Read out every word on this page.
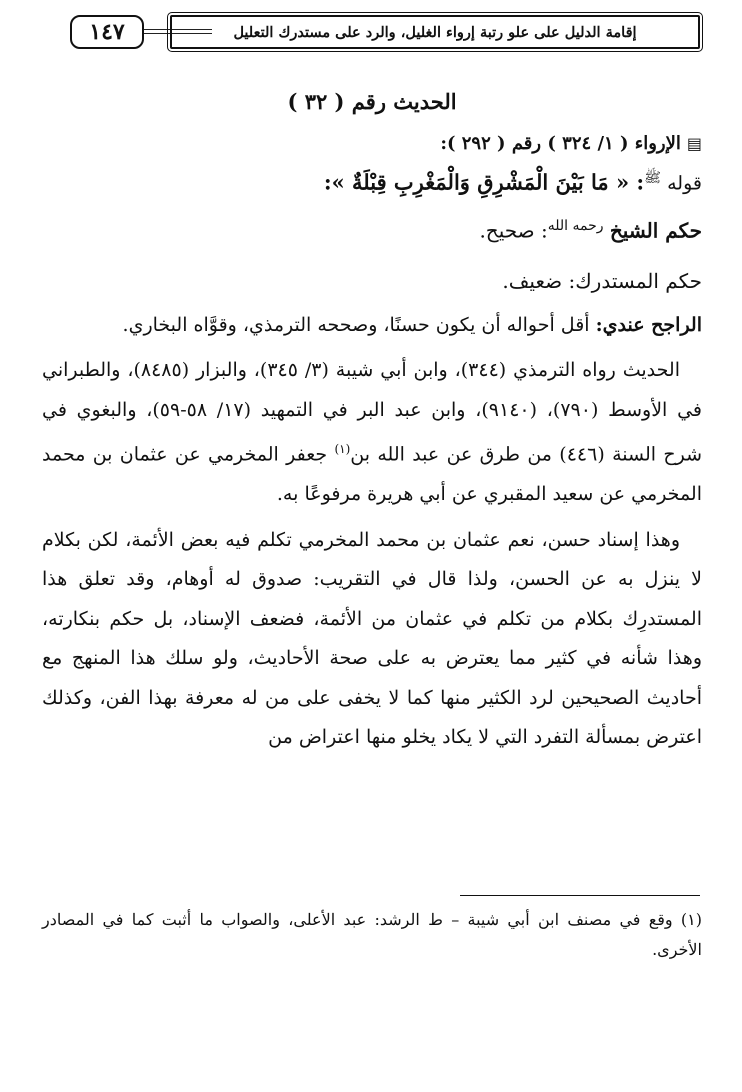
١٤٧	إقامة الدليل على علو رتبة إرواء الغليل، والرد على مستدرك التعليل
الحديث رقم ( ٣٢ )

▤الإرواء ( ١/ ٣٢٤ ) رقم ( ٢٩٢ ):

قوله $^ﷺ$: « مَا بَيْنَ الْمَشْرِقِ وَالْمَغْرِبِ قِبْلَةٌ »:

حكم الشيخ $^{رحمه الله}$: صحيح.

حكم المستدرك: ضعيف.

الراجح عندي: أقل أحواله أن يكون حسنًا، وصححه الترمذي، وقوَّاه البخاري.

الحديث رواه الترمذي (٣٤٤)، وابن أبي شيبة (٣/ ٣٤٥)، والبزار (٨٤٨٥)، والطبراني في الأوسط (٧٩٠)، (٩١٤٠)، وابن عبد البر في التمهيد (١٧/ ٥٨-٥٩)، والبغوي في شرح السنة (٤٤٦) من طرق عن عبد الله بن$^{(١)}$ جعفر المخرمي عن عثمان بن محمد المخرمي عن سعيد المقبري عن أبي هريرة مرفوعًا به.

وهذا إسناد حسن، نعم عثمان بن محمد المخرمي تكلم فيه بعض الأئمة، لكن بكلام لا ينزل به عن الحسن، ولذا قال في التقريب: صدوق له أوهام، وقد تعلق هذا المستدرِك بكلام من تكلم في عثمان من الأئمة، فضعف الإسناد، بل حكم بنكارته، وهذا شأنه في كثير مما يعترض به على صحة الأحاديث، ولو سلك هذا المنهج مع أحاديث الصحيحين لرد الكثير منها كما لا يخفى على من له معرفة بهذا الفن، وكذلك اعترض بمسألة التفرد التي لا يكاد يخلو منها اعتراض من

(١) وقع في مصنف ابن أبي شيبة – ط الرشد: عبد الأعلى، والصواب ما أثبت كما في المصادر الأخرى.
